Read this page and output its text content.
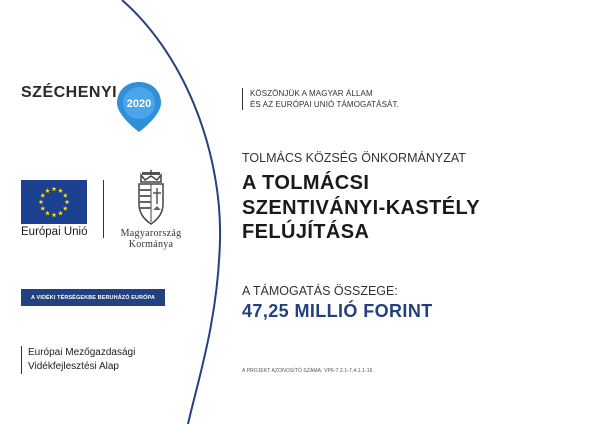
SZÉCHENYI
2020
Európai Unió	Magyarország
Kormánya
A VIDÉKI TÉRSÉGEKBE BERUHÁZÓ EURÓPA
Európai Mezőgazdasági
Vidékfejlesztési Alap
KÖSZÖNJÜK A MAGYAR ÁLLAM
ÉS AZ EURÓPAI UNIÓ TÁMOGATÁSÁT.
TOLMÁCS KÖZSÉG ÖNKORMÁNYZAT
A TOLMÁCSI
SZENTIVÁNYI-KASTÉLY
FELÚJÍTÁSA
A TÁMOGATÁS ÖSSZEGE:
47,25 MILLIÓ FORINT
A PROJEKT AZONOSÍTÓ SZÁMA: VP6-7.2.1-7.4.1.1-16
